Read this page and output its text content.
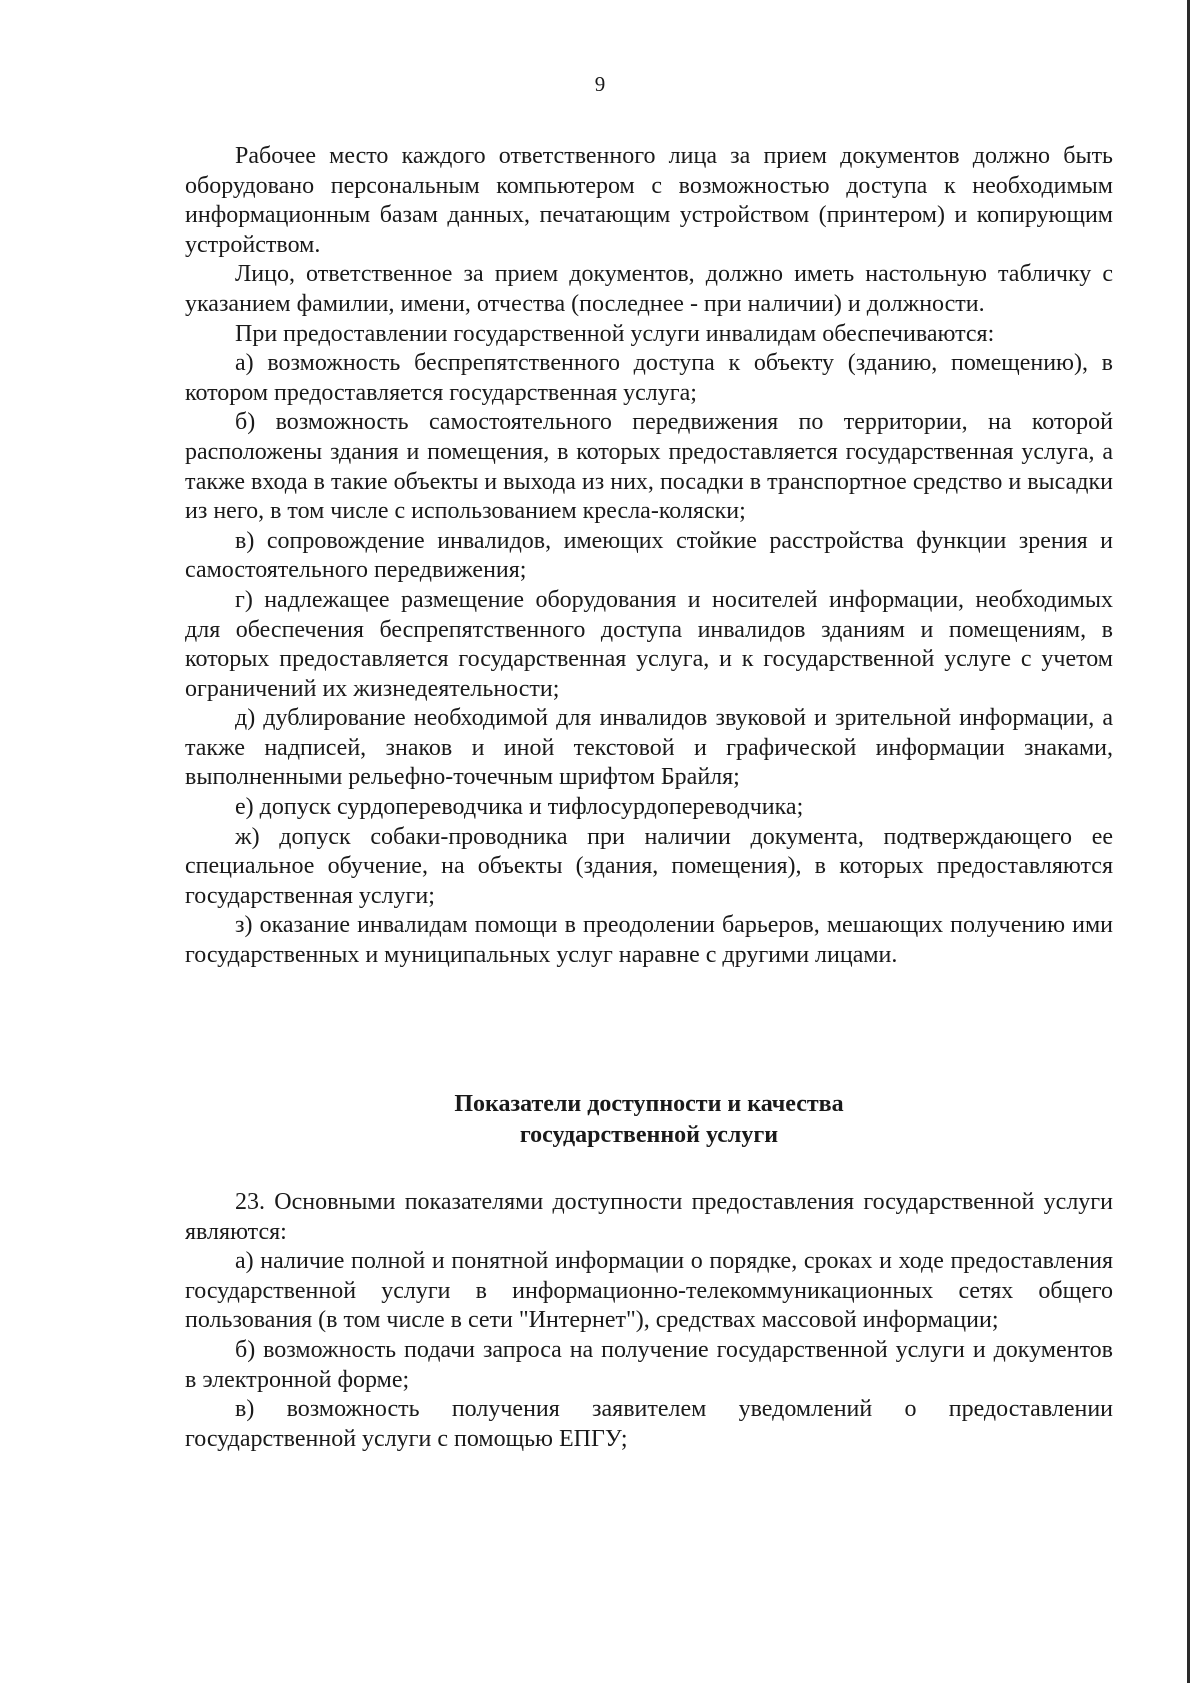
9

Рабочее место каждого ответственного лица за прием документов должно быть оборудовано персональным компьютером с возможностью доступа к необходимым информационным базам данных, печатающим устройством (принтером) и копирующим устройством.

Лицо, ответственное за прием документов, должно иметь настольную табличку с указанием фамилии, имени, отчества (последнее - при наличии) и должности.

При предоставлении государственной услуги инвалидам обеспечиваются:

а) возможность беспрепятственного доступа к объекту (зданию, помещению), в котором предоставляется государственная услуга;

б) возможность самостоятельного передвижения по территории, на которой расположены здания и помещения, в которых предоставляется государственная услуга, а также входа в такие объекты и выхода из них, посадки в транспортное средство и высадки из него, в том числе с использованием кресла-коляски;

в) сопровождение инвалидов, имеющих стойкие расстройства функции зрения и самостоятельного передвижения;

г) надлежащее размещение оборудования и носителей информации, необходимых для обеспечения беспрепятственного доступа инвалидов зданиям и помещениям, в которых предоставляется государственная услуга, и к государственной услуге с учетом ограничений их жизнедеятельности;

д) дублирование необходимой для инвалидов звуковой и зрительной информации, а также надписей, знаков и иной текстовой и графической информации знаками, выполненными рельефно-точечным шрифтом Брайля;

е) допуск сурдопереводчика и тифлосурдопереводчика;

ж) допуск собаки-проводника при наличии документа, подтверждающего ее специальное обучение, на объекты (здания, помещения), в которых предоставляются государственная услуги;

з) оказание инвалидам помощи в преодолении барьеров, мешающих получению ими государственных и муниципальных услуг наравне с другими лицами.

Показатели доступности и качества
государственной услуги

23. Основными показателями доступности предоставления государственной услуги являются:

а) наличие полной и понятной информации о порядке, сроках и ходе предоставления государственной услуги в информационно-телекоммуникационных сетях общего пользования (в том числе в сети "Интернет"), средствах массовой информации;

б) возможность подачи запроса на получение государственной услуги и документов в электронной форме;

в) возможность получения заявителем уведомлений о предоставлении государственной услуги с помощью ЕПГУ;
